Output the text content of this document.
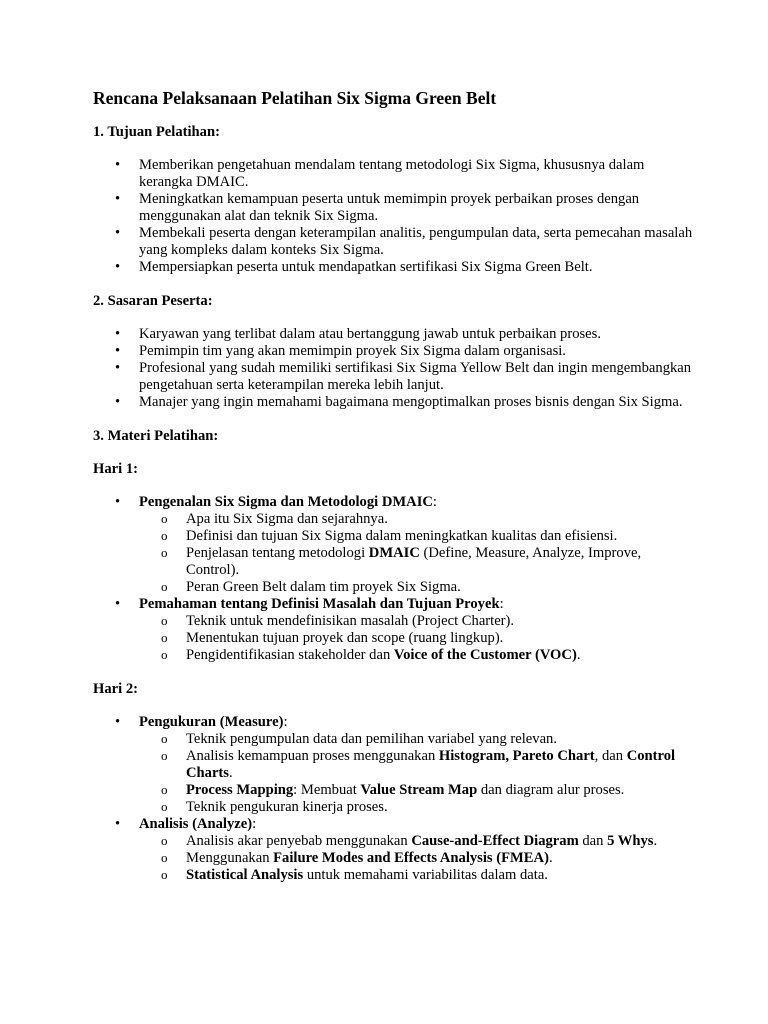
Rencana Pelaksanaan Pelatihan Six Sigma Green Belt
1. Tujuan Pelatihan:
• Memberikan pengetahuan mendalam tentang metodologi Six Sigma, khususnya dalam kerangka DMAIC.
• Meningkatkan kemampuan peserta untuk memimpin proyek perbaikan proses dengan menggunakan alat dan teknik Six Sigma.
• Membekali peserta dengan keterampilan analitis, pengumpulan data, serta pemecahan masalah yang kompleks dalam konteks Six Sigma.
• Mempersiapkan peserta untuk mendapatkan sertifikasi Six Sigma Green Belt.
2. Sasaran Peserta:
• Karyawan yang terlibat dalam atau bertanggung jawab untuk perbaikan proses.
• Pemimpin tim yang akan memimpin proyek Six Sigma dalam organisasi.
• Profesional yang sudah memiliki sertifikasi Six Sigma Yellow Belt dan ingin mengembangkan pengetahuan serta keterampilan mereka lebih lanjut.
• Manajer yang ingin memahami bagaimana mengoptimalkan proses bisnis dengan Six Sigma.
3. Materi Pelatihan:
Hari 1:
• Pengenalan Six Sigma dan Metodologi DMAIC:
o Apa itu Six Sigma dan sejarahnya.
o Definisi dan tujuan Six Sigma dalam meningkatkan kualitas dan efisiensi.
o Penjelasan tentang metodologi DMAIC (Define, Measure, Analyze, Improve, Control).
o Peran Green Belt dalam tim proyek Six Sigma.
• Pemahaman tentang Definisi Masalah dan Tujuan Proyek:
o Teknik untuk mendefinisikan masalah (Project Charter).
o Menentukan tujuan proyek dan scope (ruang lingkup).
o Pengidentifikasian stakeholder dan Voice of the Customer (VOC).
Hari 2:
• Pengukuran (Measure):
o Teknik pengumpulan data dan pemilihan variabel yang relevan.
o Analisis kemampuan proses menggunakan Histogram, Pareto Chart, dan Control Charts.
o Process Mapping: Membuat Value Stream Map dan diagram alur proses.
o Teknik pengukuran kinerja proses.
• Analisis (Analyze):
o Analisis akar penyebab menggunakan Cause-and-Effect Diagram dan 5 Whys.
o Menggunakan Failure Modes and Effects Analysis (FMEA).
o Statistical Analysis untuk memahami variabilitas dalam data.
